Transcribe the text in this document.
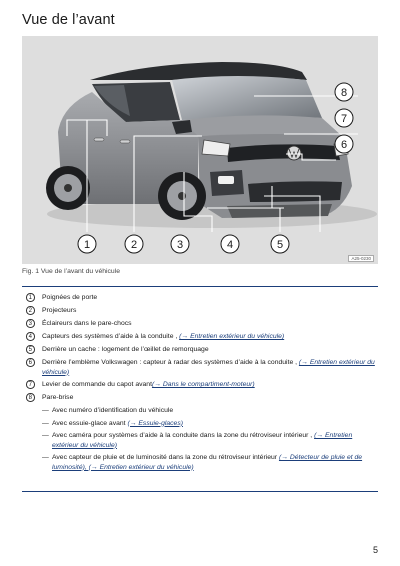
Vue de l’avant
1	2	3	4	5
6
7
8
A25-0230
Fig. 1 Vue de l’avant du véhicule
1	Poignées de porte
2	Projecteurs
3	Éclaireurs dans le pare-chocs
4	Capteurs des systèmes d’aide à la conduite , (→ Entretien extérieur du véhicule)
5	Derrière un cache : logement de l’œillet de remorquage
6	Derrière l’emblème Volkswagen : capteur à radar des systèmes d’aide à la conduite , (→ Entretien extérieur du véhicule)
7	Levier de commande du capot avant(→ Dans le compartiment-moteur)
8	Pare-brise
— Avec numéro d’identification du véhicule
— Avec essuie-glace avant (→ Essuie-glaces)
— Avec caméra pour systèmes d’aide à la conduite dans la zone du rétroviseur intérieur , (→ Entretien extérieur du véhicule)
— Avec capteur de pluie et de luminosité dans la zone du rétroviseur intérieur (→ Détecteur de pluie et de luminosité), (→ Entretien extérieur du véhicule)
5
